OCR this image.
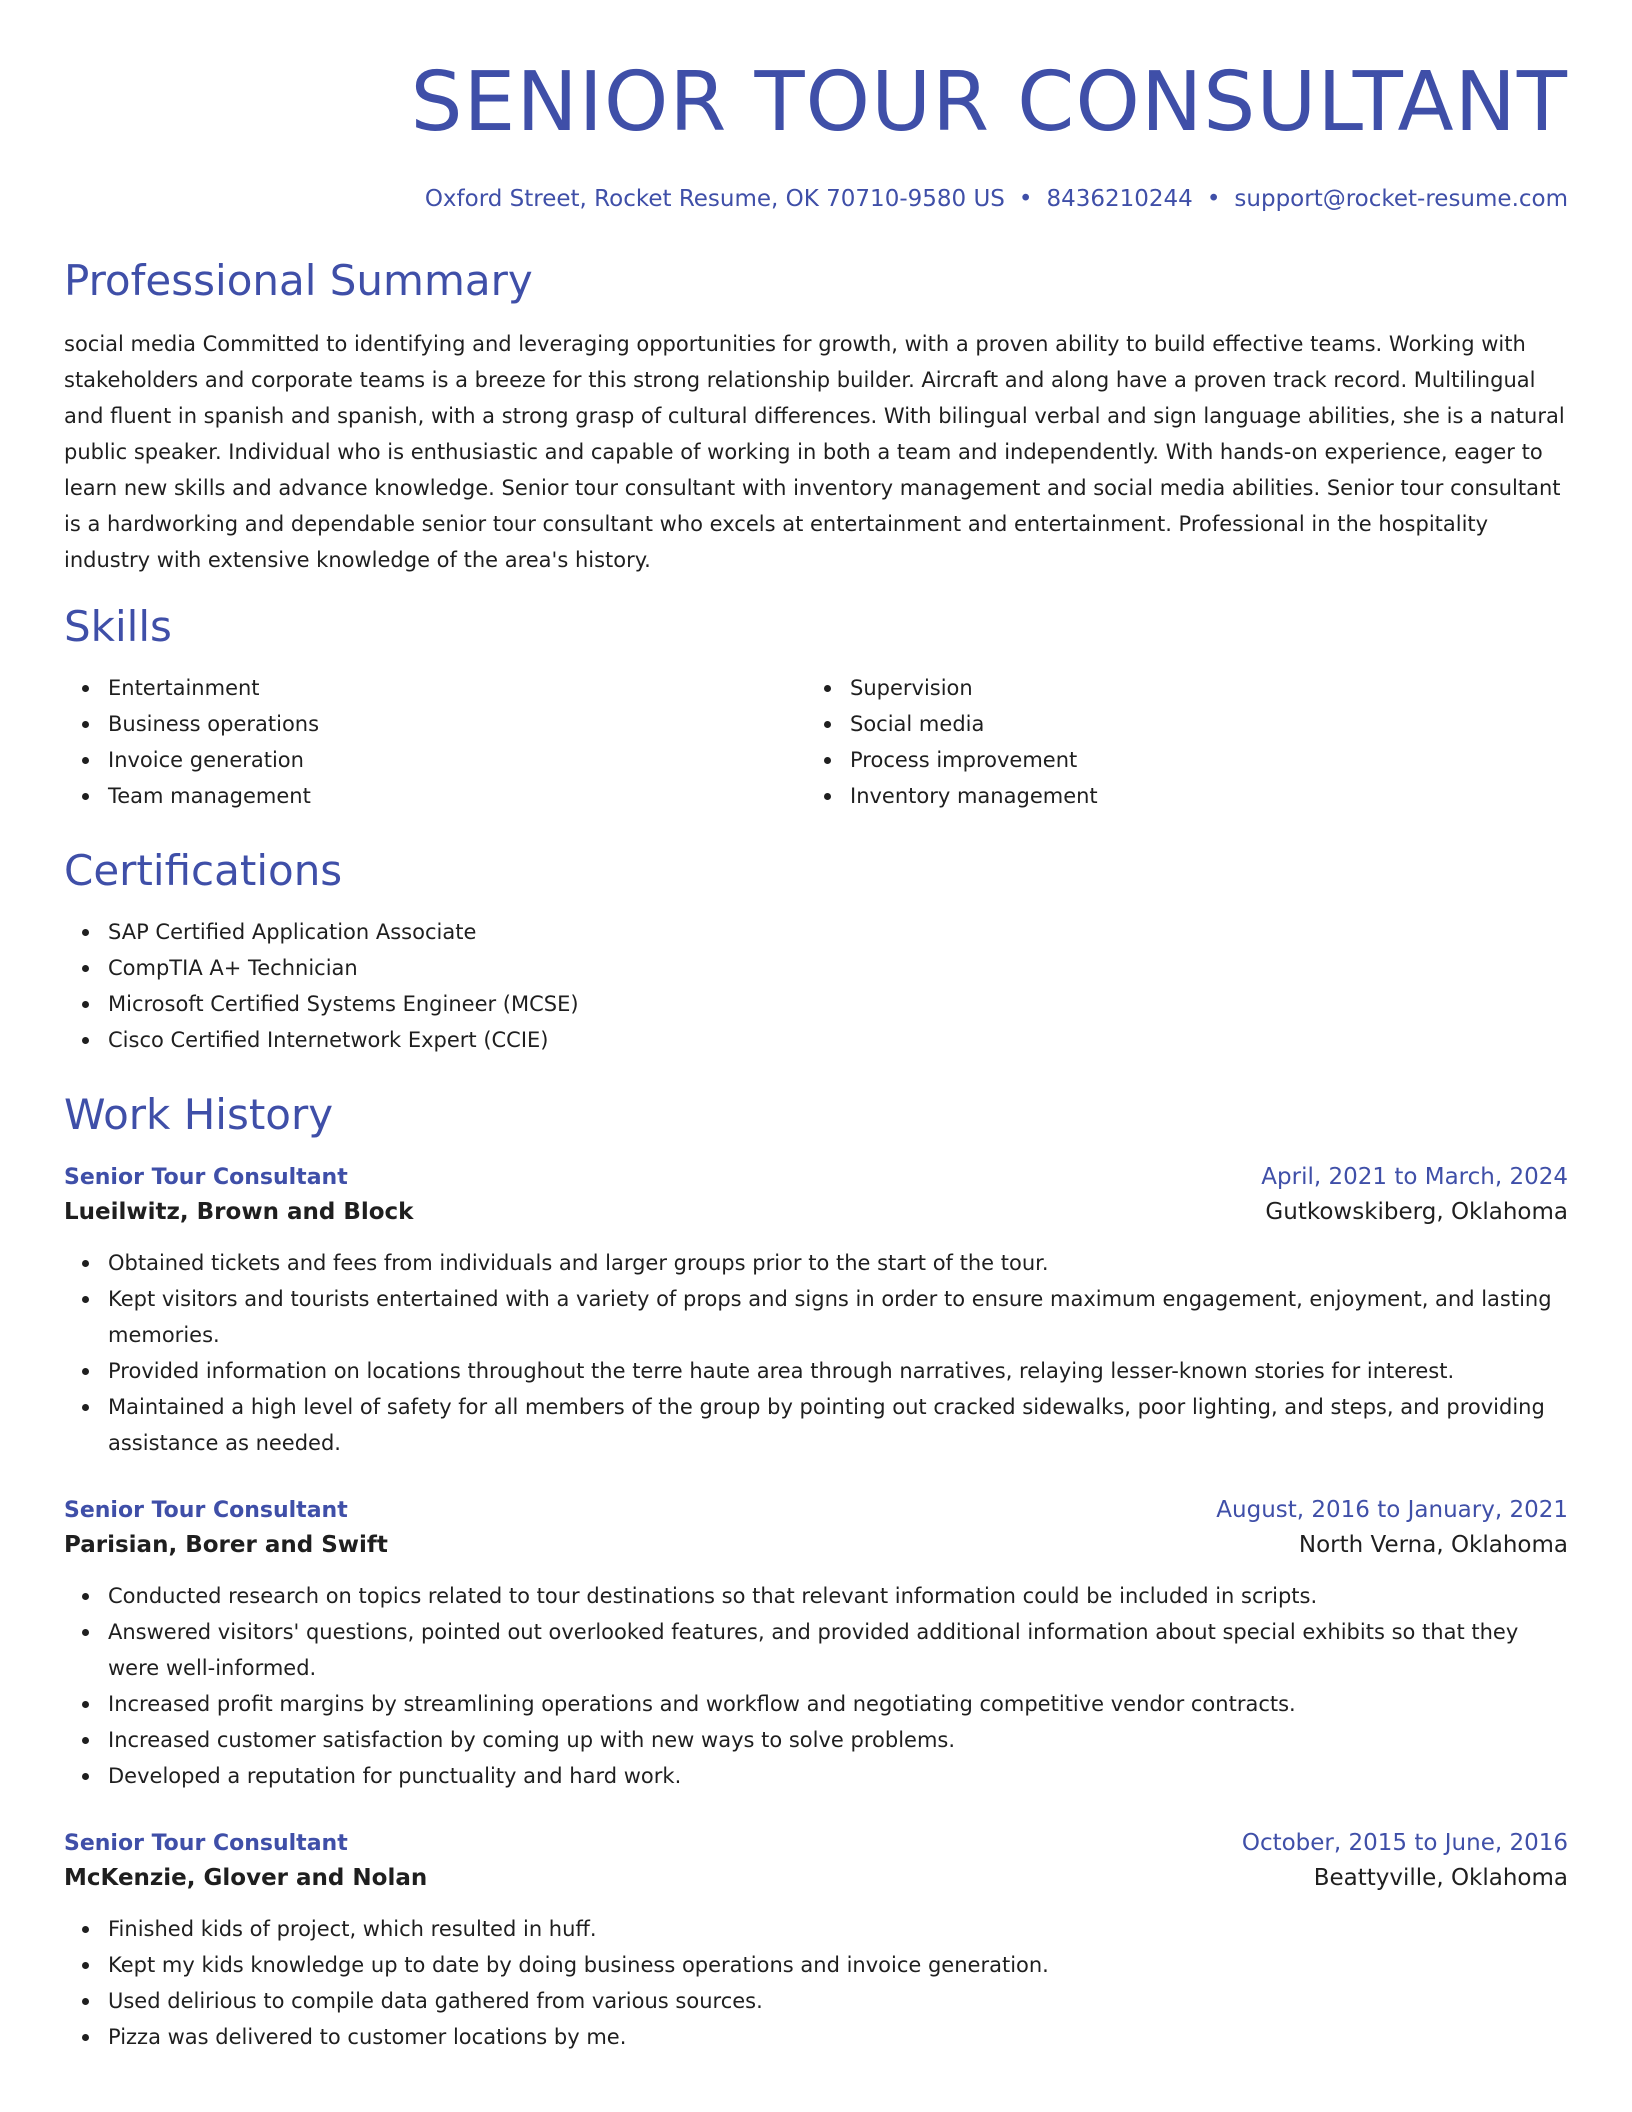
SENIOR TOUR CONSULTANT
Oxford Street, Rocket Resume, OK 70710-9580 US • 8436210244 • support@rocket-resume.com
Professional Summary

social media Committed to identifying and leveraging opportunities for growth, with a proven ability to build effective teams. Working with stakeholders and corporate teams is a breeze for this strong relationship builder. Aircraft and along have a proven track record. Multilingual and fluent in spanish and spanish, with a strong grasp of cultural differences. With bilingual verbal and sign language abilities, she is a natural public speaker. Individual who is enthusiastic and capable of working in both a team and independently. With hands-on experience, eager to learn new skills and advance knowledge. Senior tour consultant with inventory management and social media abilities. Senior tour consultant is a hardworking and dependable senior tour consultant who excels at entertainment and entertainment. Professional in the hospitality industry with extensive knowledge of the area's history.

Skills
Entertainment
Business operations
Invoice generation
Team management
Supervision
Social media
Process improvement
Inventory management
Certifications
SAP Certified Application Associate
CompTIA A+ Technician
Microsoft Certified Systems Engineer (MCSE)
Cisco Certified Internetwork Expert (CCIE)
Work History
Senior Tour Consultant	April, 2021 to March, 2024
Lueilwitz, Brown and Block	Gutkowskiberg, Oklahoma
Obtained tickets and fees from individuals and larger groups prior to the start of the tour.
Kept visitors and tourists entertained with a variety of props and signs in order to ensure maximum engagement, enjoyment, and lasting memories.
Provided information on locations throughout the terre haute area through narratives, relaying lesser-known stories for interest.
Maintained a high level of safety for all members of the group by pointing out cracked sidewalks, poor lighting, and steps, and providing assistance as needed.
Senior Tour Consultant	August, 2016 to January, 2021
Parisian, Borer and Swift	North Verna, Oklahoma
Conducted research on topics related to tour destinations so that relevant information could be included in scripts.
Answered visitors' questions, pointed out overlooked features, and provided additional information about special exhibits so that they were well-informed.
Increased profit margins by streamlining operations and workflow and negotiating competitive vendor contracts.
Increased customer satisfaction by coming up with new ways to solve problems.
Developed a reputation for punctuality and hard work.
Senior Tour Consultant	October, 2015 to June, 2016
McKenzie, Glover and Nolan	Beattyville, Oklahoma
Finished kids of project, which resulted in huff.
Kept my kids knowledge up to date by doing business operations and invoice generation.
Used delirious to compile data gathered from various sources.
Pizza was delivered to customer locations by me.
